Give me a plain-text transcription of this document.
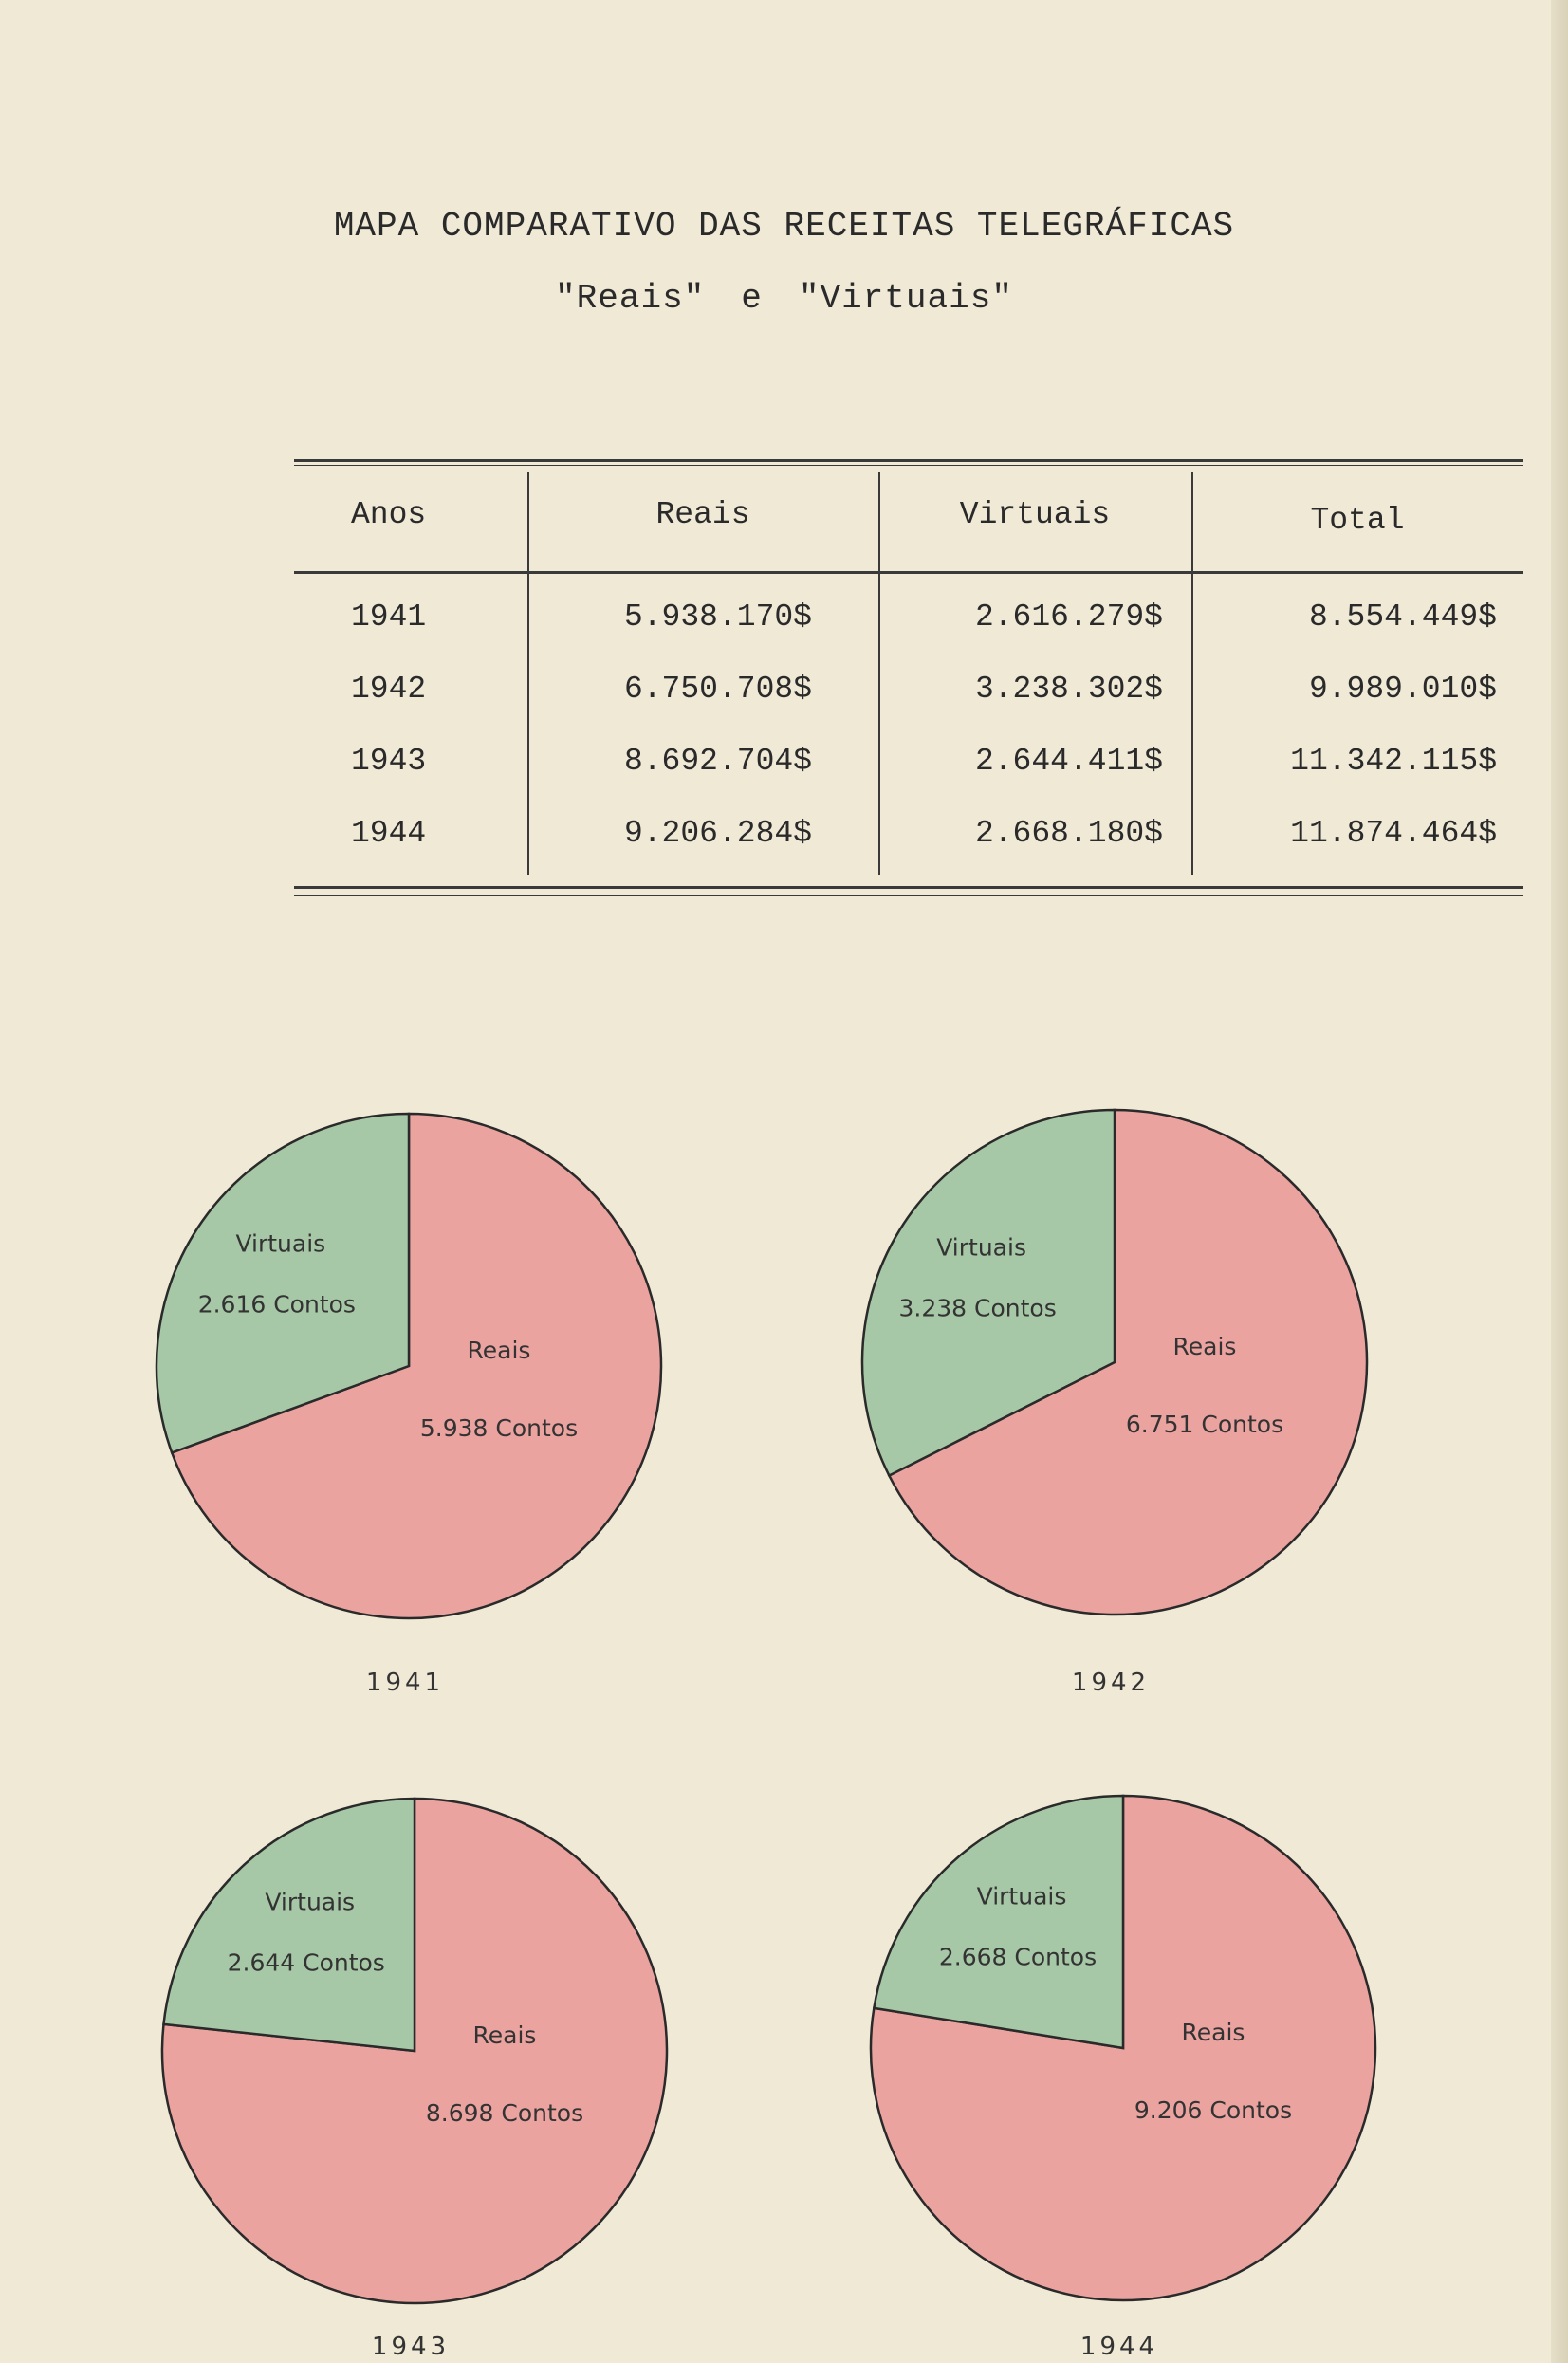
MAPA COMPARATIVO DAS RECEITAS TELEGRÁFICAS
"Reais" e "Virtuais"
Anos	Reais	Virtuais	Total
1941	5.938.170$	2.616.279$	8.554.449$
1942	6.750.708$	3.238.302$	9.989.010$
1943	8.692.704$	2.644.411$	11.342.115$
1944	9.206.284$	2.668.180$	11.874.464$
Virtuais
2.616 Contos
Reais
5.938 Contos
1941
Virtuais
3.238 Contos
Reais
6.751 Contos
1942
Virtuais
2.644 Contos
Reais
8.698 Contos
1943
Virtuais
2.668 Contos
Reais
9.206 Contos
1944
